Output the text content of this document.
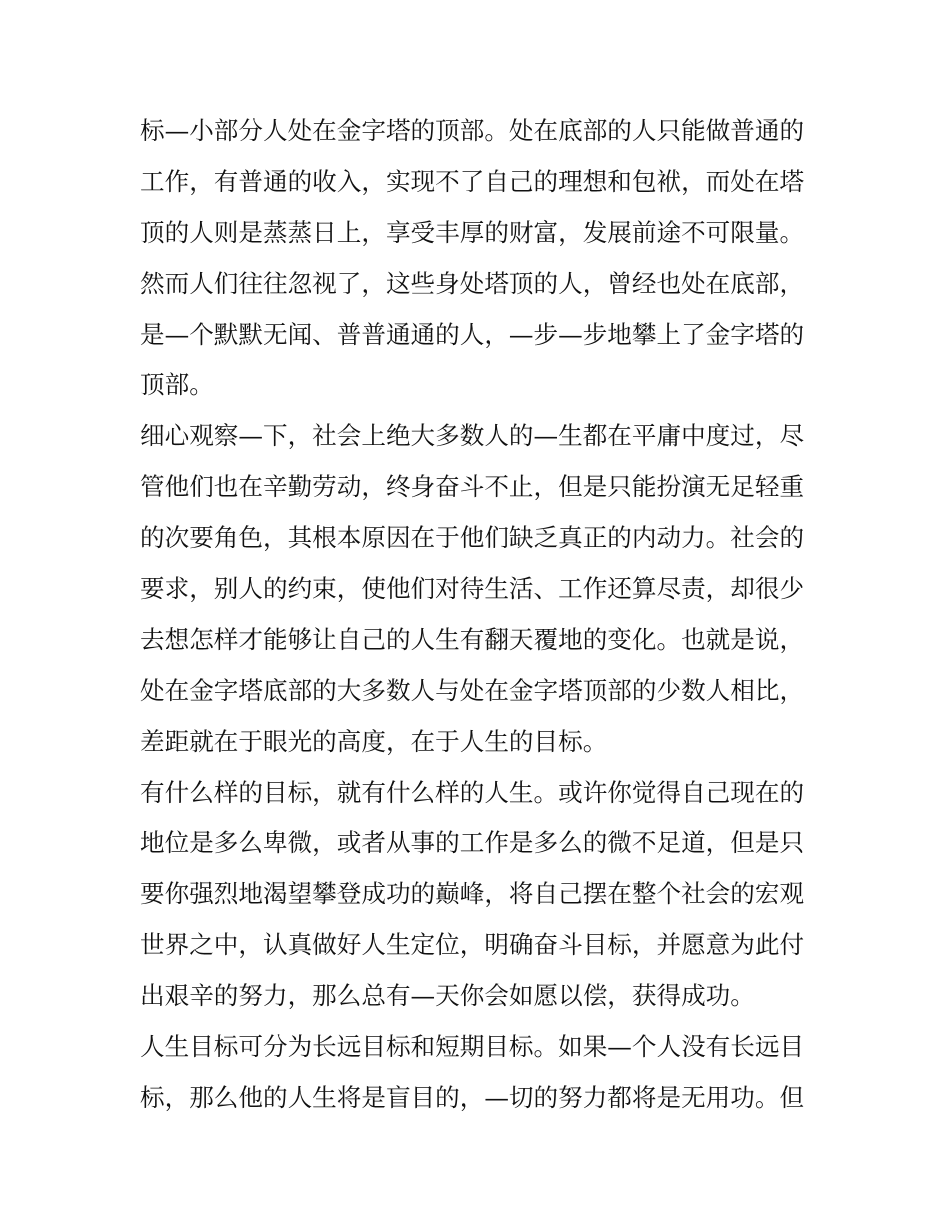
标—小部分人处在金字塔的顶部。处在底部的人只能做普通的
工作，有普通的收入，实现不了自己的理想和包袱，而处在塔
顶的人则是蒸蒸日上，享受丰厚的财富，发展前途不可限量。
然而人们往往忽视了，这些身处塔顶的人，曾经也处在底部，
是—个默默无闻、普普通通的人，—步—步地攀上了金字塔的
顶部。
细心观察—下，社会上绝大多数人的—生都在平庸中度过，尽
管他们也在辛勤劳动，终身奋斗不止，但是只能扮演无足轻重
的次要角色，其根本原因在于他们缺乏真正的内动力。社会的
要求，别人的约束，使他们对待生活、工作还算尽责，却很少
去想怎样才能够让自己的人生有翻天覆地的变化。也就是说，
处在金字塔底部的大多数人与处在金字塔顶部的少数人相比，
差距就在于眼光的高度，在于人生的目标。
有什么样的目标，就有什么样的人生。或许你觉得自己现在的
地位是多么卑微，或者从事的工作是多么的微不足道，但是只
要你强烈地渴望攀登成功的巅峰，将自己摆在整个社会的宏观
世界之中，认真做好人生定位，明确奋斗目标，并愿意为此付
出艰辛的努力，那么总有—天你会如愿以偿，获得成功。
人生目标可分为长远目标和短期目标。如果—个人没有长远目
标，那么他的人生将是盲目的，—切的努力都将是无用功。但
